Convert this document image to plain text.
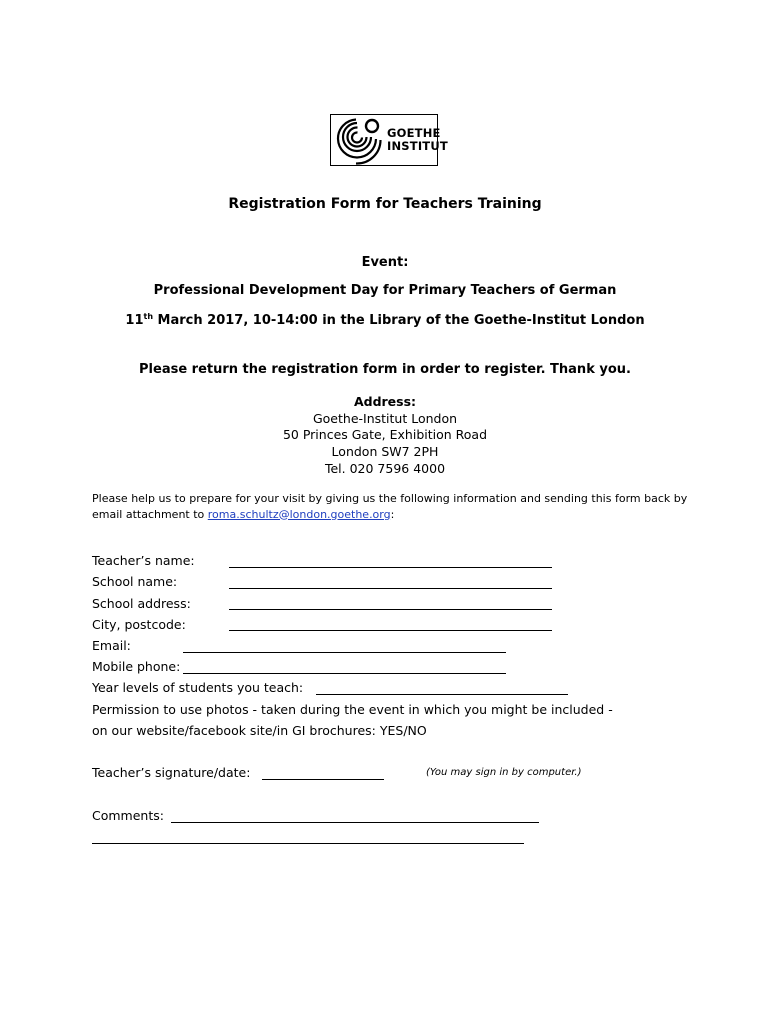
GOETHE
INSTITUT
Registration Form for Teachers Training
Event:
Professional Development Day for Primary Teachers of German
11th March 2017, 10-14:00 in the Library of the Goethe-Institut London
Please return the registration form in order to register. Thank you.
Address:
Goethe-Institut London
50 Princes Gate, Exhibition Road
London SW7 2PH
Tel. 020 7596 4000
Please help us to prepare for your visit by giving us the following information and sending this form back by email attachment to roma.schultz@london.goethe.org:
Teacher’s name:
School name:
School address:
City, postcode:
Email:
Mobile phone:
Year levels of students you teach:
Permission to use photos - taken during the event in which you might be included -
on our website/facebook site/in GI brochures: YES/NO
Teacher’s signature/date:	(You may sign in by computer.)
Comments:
